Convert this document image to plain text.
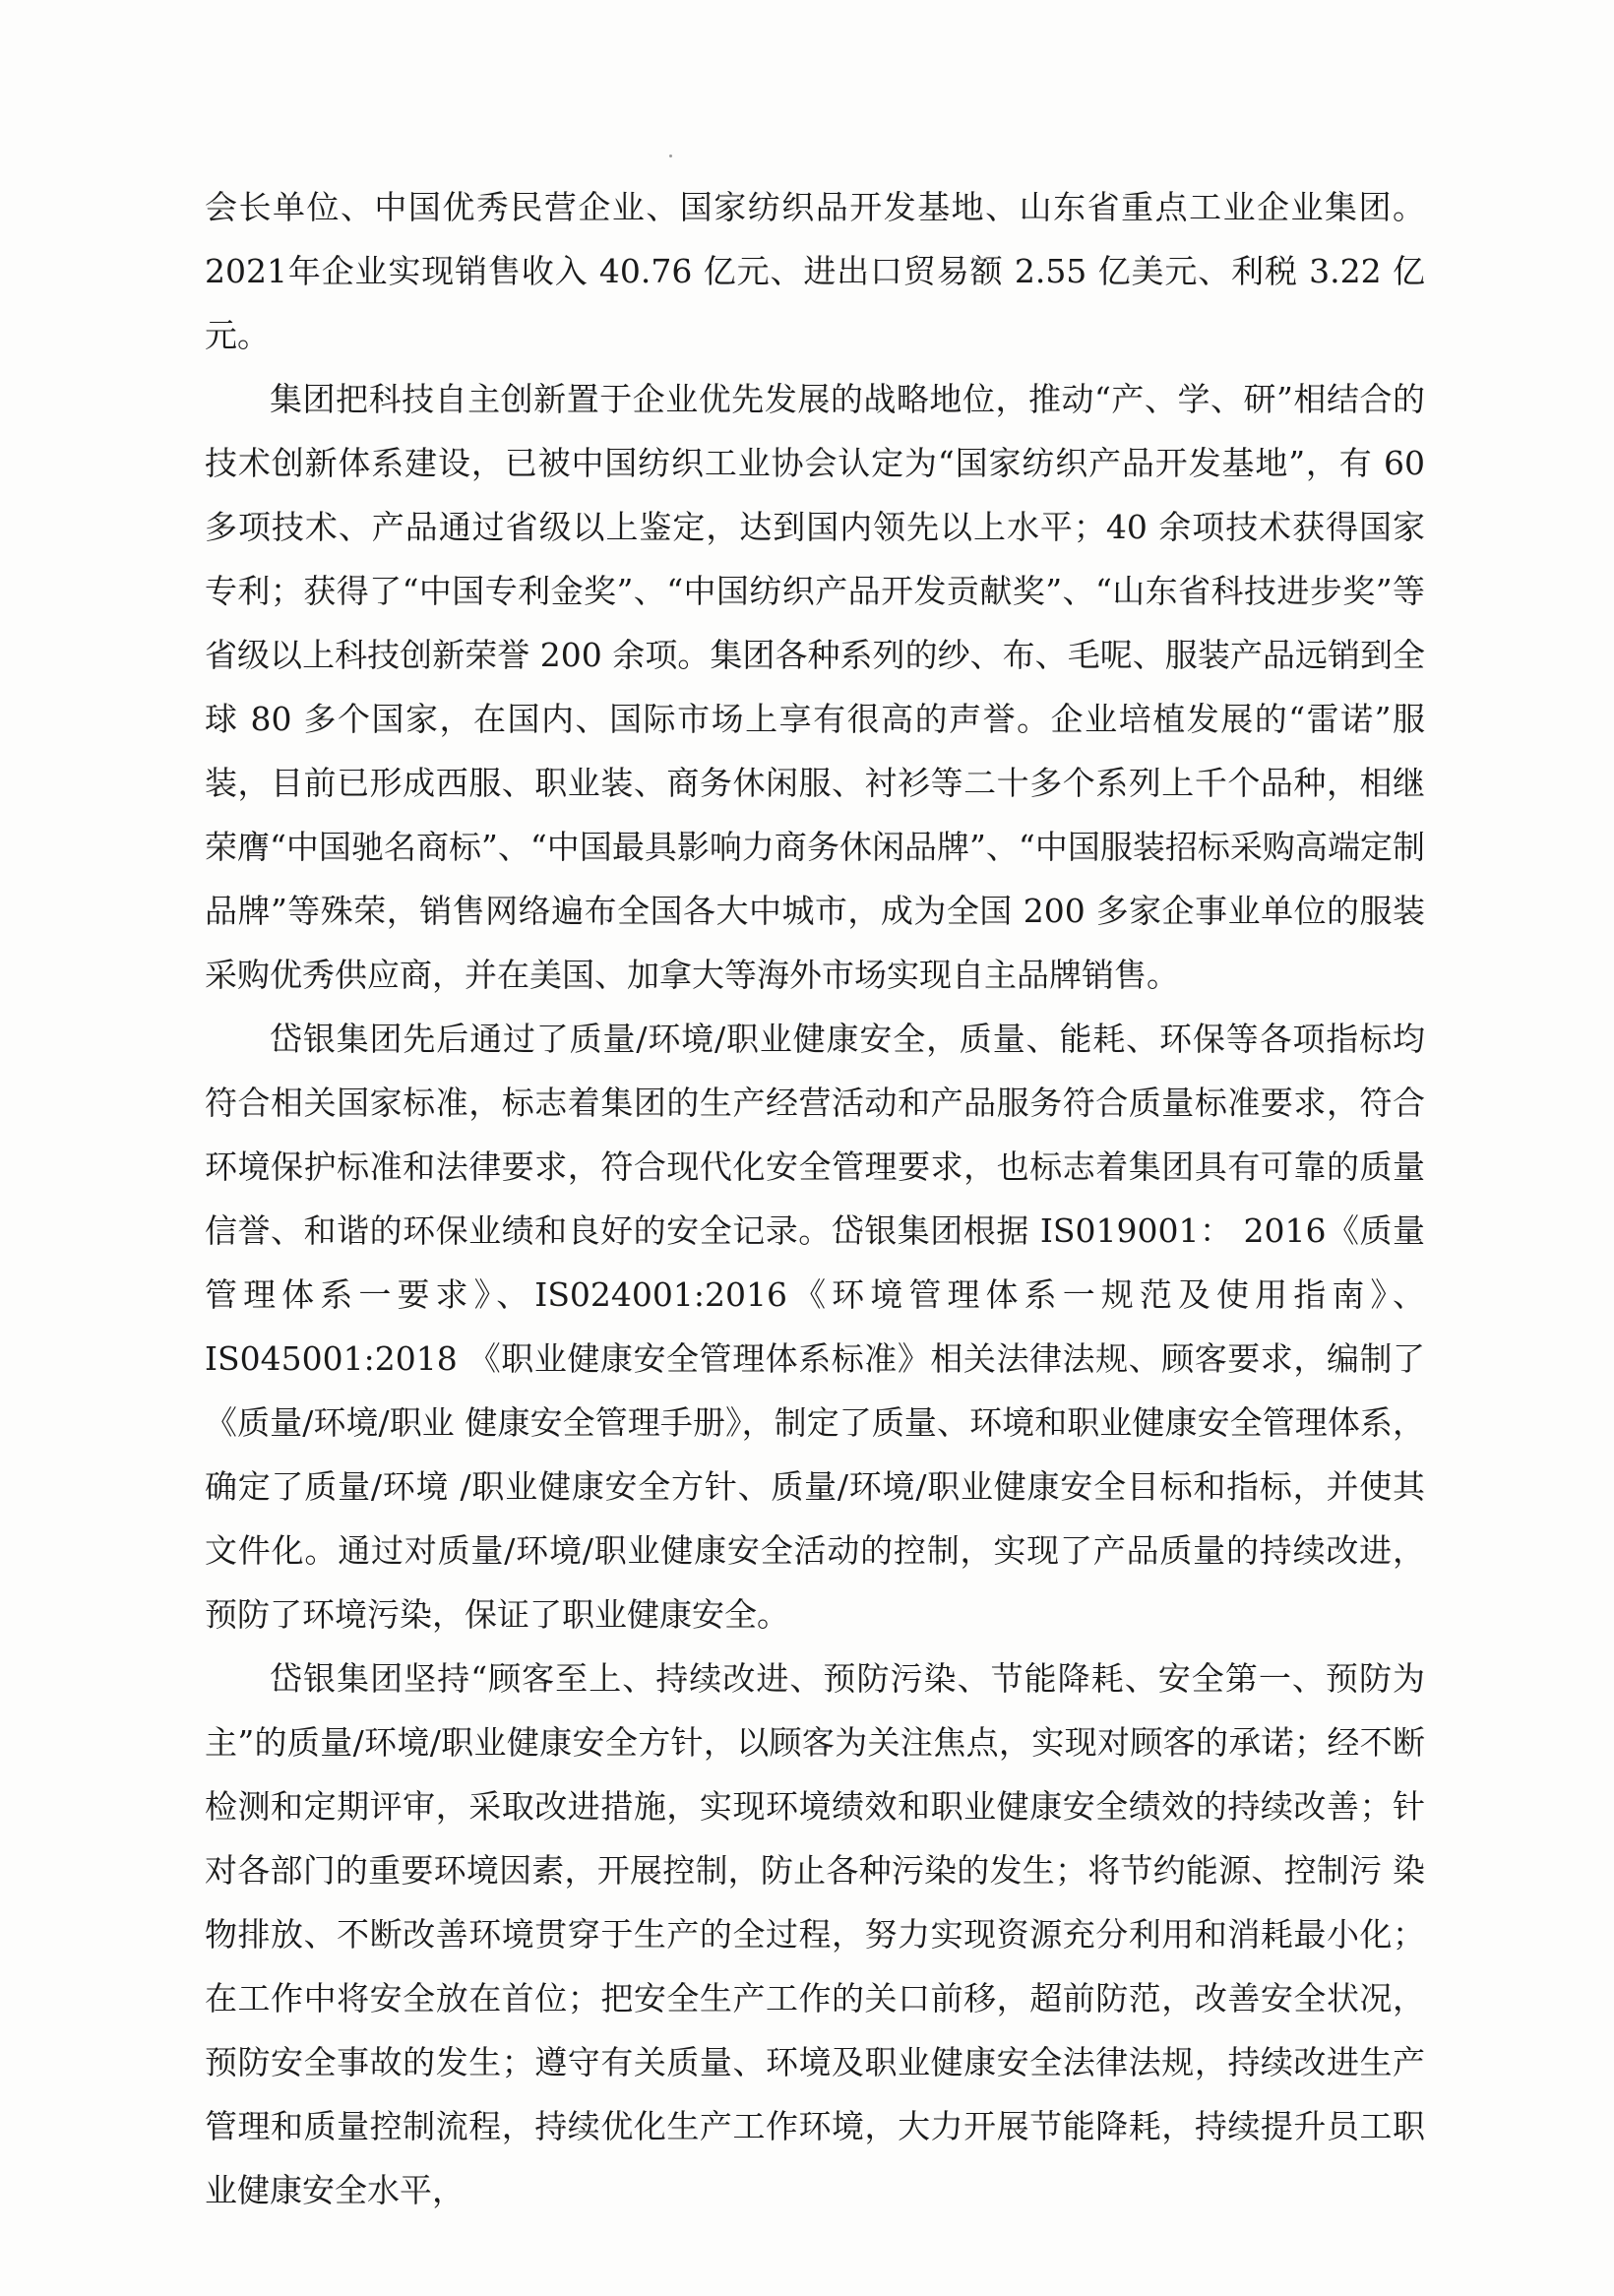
会长单位、中国优秀民营企业、国家纺织品开发基地、山东省重点工业企业集团。2021年企业实现销售收入 40.76 亿元、进出口贸易额 2.55 亿美元、利税 3.22 亿元。

集团把科技自主创新置于企业优先发展的战略地位，推动“产、学、研”相结合的技术创新体系建设，已被中国纺织工业协会认定为“国家纺织产品开发基地”，有 60 多项技术、产品通过省级以上鉴定，达到国内领先以上水平；40 余项技术获得国家专利；获得了“中国专利金奖”、“中国纺织产品开发贡献奖”、“山东省科技进步奖”等省级以上科技创新荣誉 200 余项。集团各种系列的纱、布、毛呢、服装产品远销到全球 80 多个国家，在国内、国际市场上享有很高的声誉。企业培植发展的“雷诺”服装，目前已形成西服、职业装、商务休闲服、衬衫等二十多个系列上千个品种，相继荣膺“中国驰名商标”、“中国最具影响力商务休闲品牌”、“中国服装招标采购高端定制品牌”等殊荣，销售网络遍布全国各大中城市，成为全国 200 多家企事业单位的服装采购优秀供应商，并在美国、加拿大等海外市场实现自主品牌销售。

岱银集团先后通过了质量/环境/职业健康安全，质量、能耗、环保等各项指标均 符合相关国家标准，标志着集团的生产经营活动和产品服务符合质量标准要求，符合环境保护标准和法律要求，符合现代化安全管理要求，也标志着集团具有可靠的质量信誉、和谐的环保业绩和良好的安全记录。岱银集团根据 IS019001： 2016《质量管理体系一要求》、IS024001:2016《环境管理体系一规范及使用指南》、IS045001:2018 《职业健康安全管理体系标准》相关法律法规、顾客要求，编制了《质量/环境/职业 健康安全管理手册》，制定了质量、环境和职业健康安全管理体系，确定了质量/环境 /职业健康安全方针、质量/环境/职业健康安全目标和指标，并使其文件化。通过对质量/环境/职业健康安全活动的控制，实现了产品质量的持续改进，预防了环境污染，保证了职业健康安全。

岱银集团坚持“顾客至上、持续改进、预防污染、节能降耗、安全第一、预防为主”的质量/环境/职业健康安全方针，以顾客为关注焦点，实现对顾客的承诺；经不断检测和定期评审，采取改进措施，实现环境绩效和职业健康安全绩效的持续改善；针对各部门的重要环境因素，开展控制，防止各种污染的发生；将节约能源、控制污 染物排放、不断改善环境贯穿于生产的全过程，努力实现资源充分利用和消耗最小化；在工作中将安全放在首位；把安全生产工作的关口前移，超前防范，改善安全状况，预防安全事故的发生；遵守有关质量、环境及职业健康安全法律法规，持续改进生产管理和质量控制流程，持续优化生产工作环境，大力开展节能降耗，持续提升员工职业健康安全水平，
